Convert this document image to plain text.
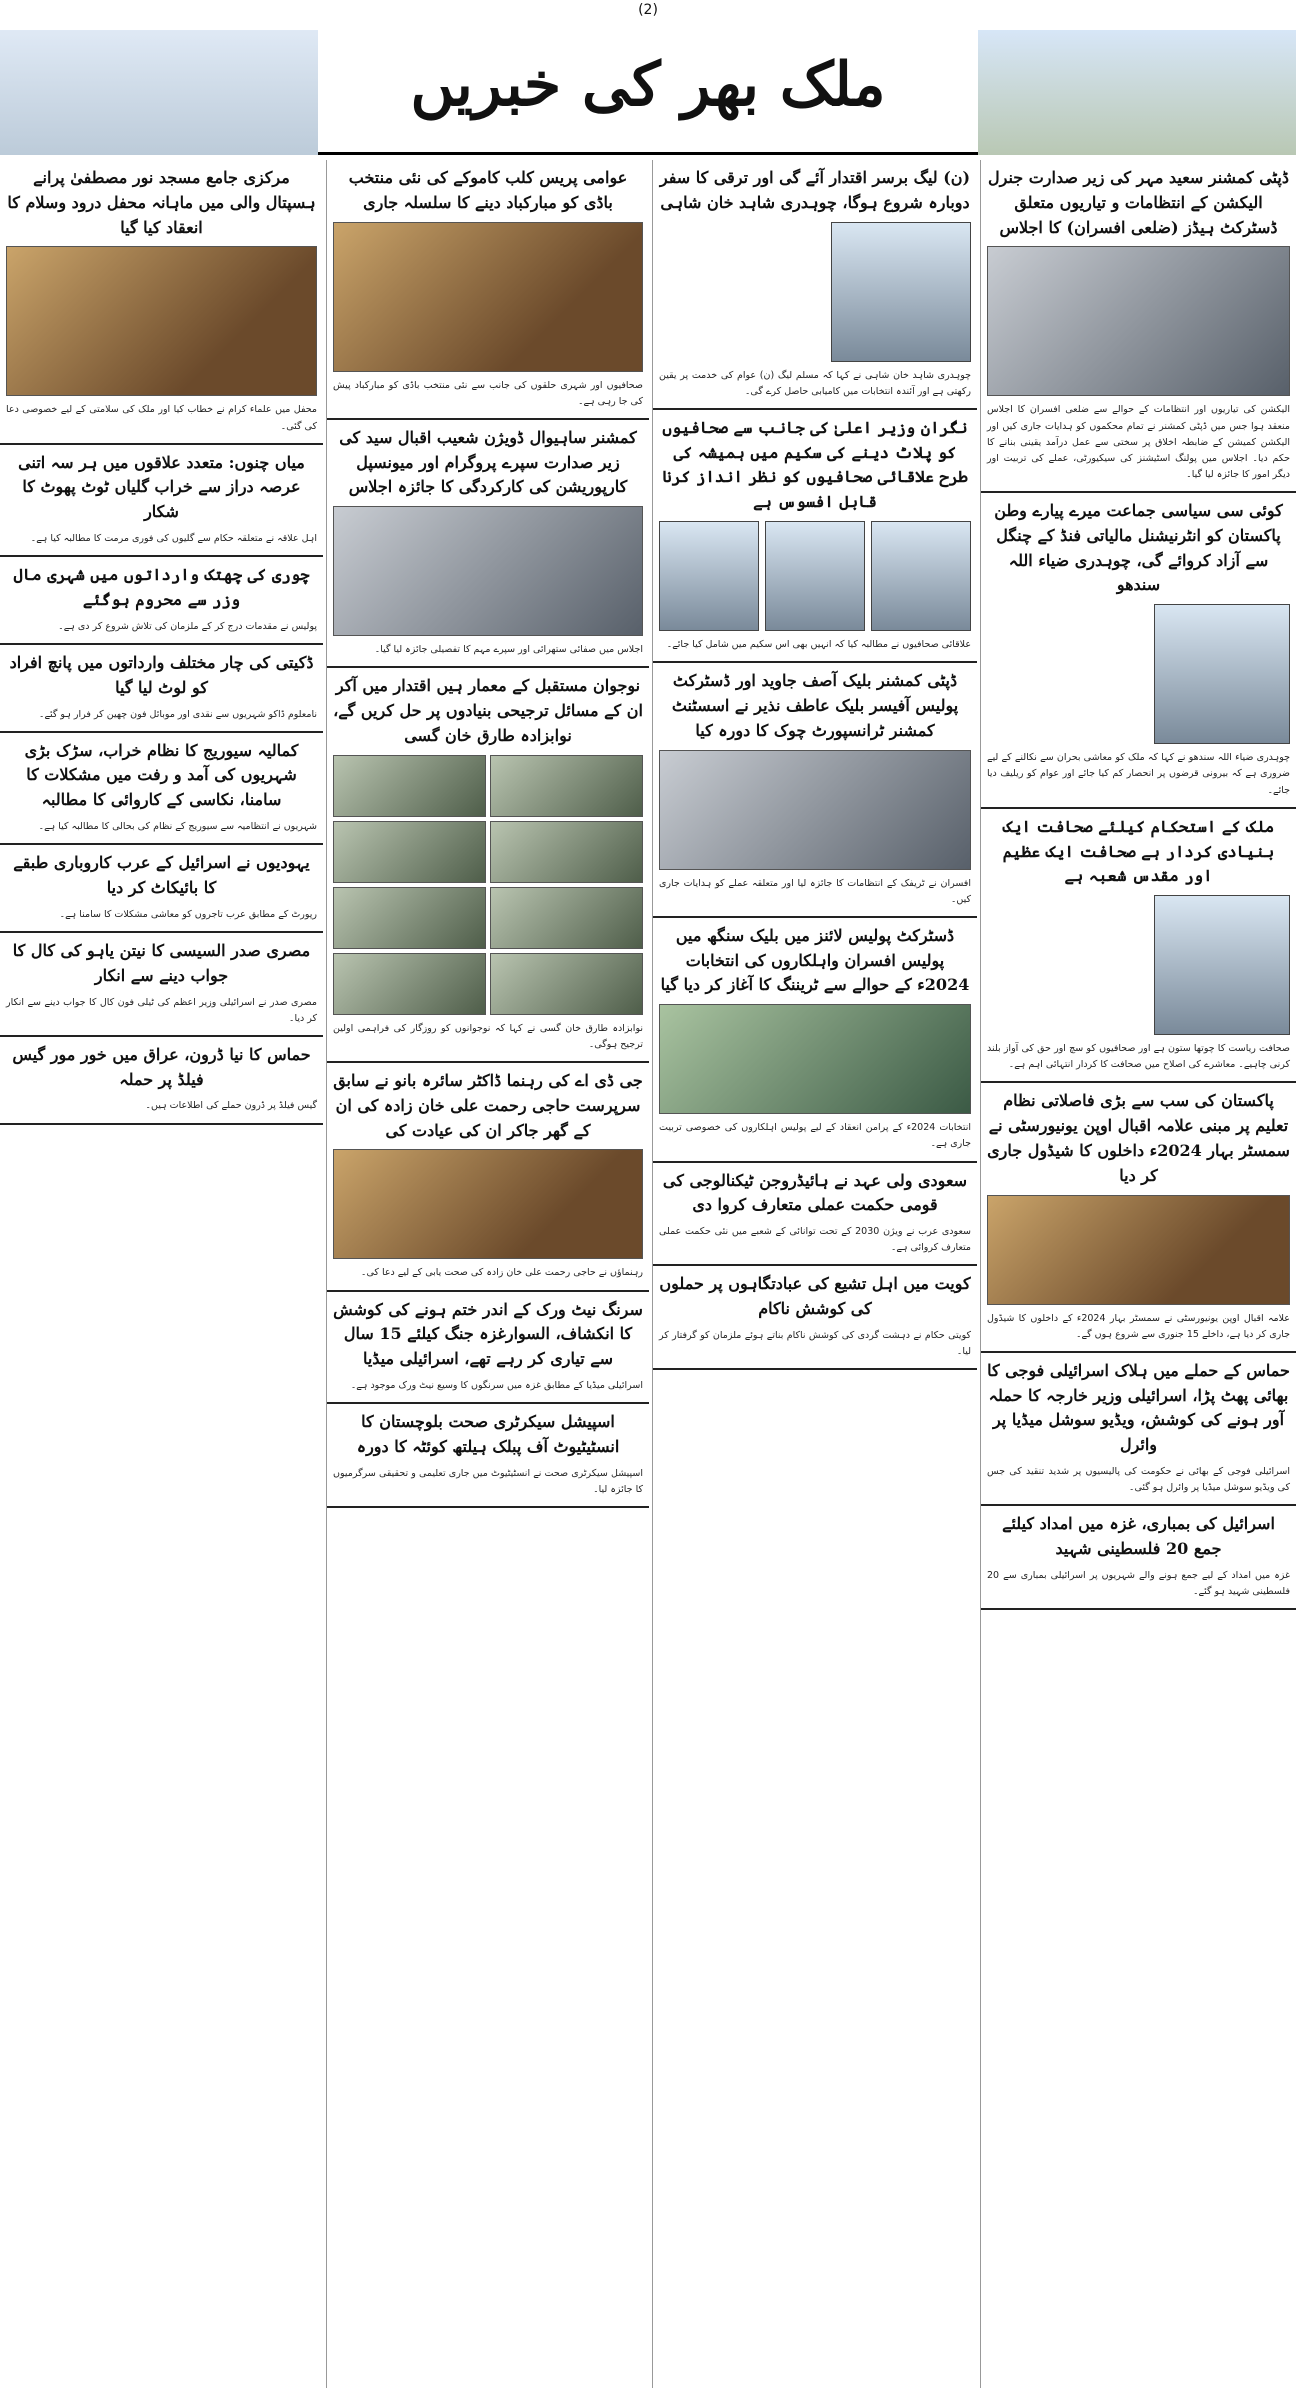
(2)
ملک بھر کی خبریں
ڈپٹی کمشنر سعید مہر کی زیر صدارت جنرل الیکشن کے انتظامات و تیاریوں متعلق ڈسٹرکٹ ہیڈز (ضلعی افسران) کا اجلاس
الیکشن کی تیاریوں اور انتظامات کے حوالے سے ضلعی افسران کا اجلاس منعقد ہوا جس میں ڈپٹی کمشنر نے تمام محکموں کو ہدایات جاری کیں اور الیکشن کمیشن کے ضابطہ اخلاق پر سختی سے عمل درآمد یقینی بنانے کا حکم دیا۔ اجلاس میں پولنگ اسٹیشنز کی سیکیورٹی، عملے کی تربیت اور دیگر امور کا جائزہ لیا گیا۔
کوئی سی سیاسی جماعت میرے پیارے وطن پاکستان کو انٹرنیشنل مالیاتی فنڈ کے چنگل سے آزاد کروائے گی، چوہدری ضیاء اللہ سندھو
چوہدری ضیاء اللہ سندھو نے کہا کہ ملک کو معاشی بحران سے نکالنے کے لیے ضروری ہے کہ بیرونی قرضوں پر انحصار کم کیا جائے اور عوام کو ریلیف دیا جائے۔
ملک کے استحکام کیلئے صحافت ایک بنیادی کردار ہے صحافت ایک عظیم اور مقدس شعبہ ہے
صحافت ریاست کا چوتھا ستون ہے اور صحافیوں کو سچ اور حق کی آواز بلند کرنی چاہیے۔ معاشرے کی اصلاح میں صحافت کا کردار انتہائی اہم ہے۔
پاکستان کی سب سے بڑی فاصلاتی نظام تعلیم پر مبنی علامہ اقبال اوپن یونیورسٹی نے سمسٹر بہار 2024ء داخلوں کا شیڈول جاری کر دیا
علامہ اقبال اوپن یونیورسٹی نے سمسٹر بہار 2024ء کے داخلوں کا شیڈول جاری کر دیا ہے، داخلے 15 جنوری سے شروع ہوں گے۔
حماس کے حملے میں ہلاک اسرائیلی فوجی کا بھائی پھٹ پڑا، اسرائیلی وزیر خارجہ کا حملہ آور ہونے کی کوشش، ویڈیو سوشل میڈیا پر وائرل
اسرائیلی فوجی کے بھائی نے حکومت کی پالیسیوں پر شدید تنقید کی جس کی ویڈیو سوشل میڈیا پر وائرل ہو گئی۔
اسرائیل کی بمباری، غزہ میں امداد کیلئے جمع 20 فلسطینی شہید
غزہ میں امداد کے لیے جمع ہونے والے شہریوں پر اسرائیلی بمباری سے 20 فلسطینی شہید ہو گئے۔
(ن) لیگ برسر اقتدار آئے گی اور ترقی کا سفر دوبارہ شروع ہوگا، چوہدری شاہد خان شاہی
چوہدری شاہد خان شاہی نے کہا کہ مسلم لیگ (ن) عوام کی خدمت پر یقین رکھتی ہے اور آئندہ انتخابات میں کامیابی حاصل کرے گی۔
نگران وزیر اعلیٰ کی جانب سے صحافیوں کو پلاٹ دینے کی سکیم میں ہمیشہ کی طرح علاقائی صحافیوں کو نظر انداز کرنا قابل افسوس ہے
علاقائی صحافیوں نے مطالبہ کیا کہ انہیں بھی اس سکیم میں شامل کیا جائے۔
ڈپٹی کمشنر بلیک آصف جاوید اور ڈسٹرکٹ پولیس آفیسر بلیک عاطف نذیر نے اسسٹنٹ کمشنر ٹرانسپورٹ چوک کا دورہ کیا
افسران نے ٹریفک کے انتظامات کا جائزہ لیا اور متعلقہ عملے کو ہدایات جاری کیں۔
ڈسٹرکٹ پولیس لائنز میں بلیک سنگھ میں پولیس افسران واہلکاروں کی انتخابات 2024ء کے حوالے سے ٹریننگ کا آغاز کر دیا گیا
انتخابات 2024ء کے پرامن انعقاد کے لیے پولیس اہلکاروں کی خصوصی تربیت جاری ہے۔
سعودی ولی عہد نے ہائیڈروجن ٹیکنالوجی کی قومی حکمت عملی متعارف کروا دی
سعودی عرب نے ویژن 2030 کے تحت توانائی کے شعبے میں نئی حکمت عملی متعارف کروائی ہے۔
کویت میں اہل تشیع کی عبادتگاہوں پر حملوں کی کوشش ناکام
کویتی حکام نے دہشت گردی کی کوشش ناکام بناتے ہوئے ملزمان کو گرفتار کر لیا۔
عوامی پریس کلب کاموکے کی نئی منتخب باڈی کو مبارکباد دینے کا سلسلہ جاری
صحافیوں اور شہری حلقوں کی جانب سے نئی منتخب باڈی کو مبارکباد پیش کی جا رہی ہے۔
کمشنر ساہیوال ڈویژن شعیب اقبال سید کی زیر صدارت سپرے پروگرام اور میونسپل کارپوریشن کی کارکردگی کا جائزہ اجلاس
اجلاس میں صفائی ستھرائی اور سپرے مہم کا تفصیلی جائزہ لیا گیا۔
نوجوان مستقبل کے معمار ہیں اقتدار میں آکر ان کے مسائل ترجیحی بنیادوں پر حل کریں گے، نوابزادہ طارق خان گسی
نوابزادہ طارق خان گسی نے کہا کہ نوجوانوں کو روزگار کی فراہمی اولین ترجیح ہوگی۔
جی ڈی اے کی رہنما ڈاکٹر سائرہ بانو نے سابق سرپرست حاجی رحمت علی خان زادہ کی ان کے گھر جاکر ان کی عیادت کی
رہنماؤں نے حاجی رحمت علی خان زادہ کی صحت یابی کے لیے دعا کی۔
سرنگ نیٹ ورک کے اندر ختم ہونے کی کوشش کا انکشاف، السوارغزہ جنگ کیلئے 15 سال سے تیاری کر رہے تھے، اسرائیلی میڈیا
اسرائیلی میڈیا کے مطابق غزہ میں سرنگوں کا وسیع نیٹ ورک موجود ہے۔
اسپیشل سیکرٹری صحت بلوچستان کا انسٹیٹیوٹ آف پبلک ہیلتھ کوئٹہ کا دورہ
اسپیشل سیکرٹری صحت نے انسٹیٹیوٹ میں جاری تعلیمی و تحقیقی سرگرمیوں کا جائزہ لیا۔
مرکزی جامع مسجد نور مصطفیٰ پرانے ہسپتال والی میں ماہانہ محفل درود وسلام کا انعقاد کیا گیا
محفل میں علماء کرام نے خطاب کیا اور ملک کی سلامتی کے لیے خصوصی دعا کی گئی۔
میاں چنوں: متعدد علاقوں میں ہر سہ اتنی عرصہ دراز سے خراب گلیاں ٹوٹ پھوٹ کا شکار
اہل علاقہ نے متعلقہ حکام سے گلیوں کی فوری مرمت کا مطالبہ کیا ہے۔
چوری کی چھتک وارداتوں میں شہری مال وزر سے محروم ہوگئے
پولیس نے مقدمات درج کر کے ملزمان کی تلاش شروع کر دی ہے۔
ڈکیتی کی چار مختلف وارداتوں میں پانچ افراد کو لوٹ لیا گیا
نامعلوم ڈاکو شہریوں سے نقدی اور موبائل فون چھین کر فرار ہو گئے۔
کمالیہ سیوریج کا نظام خراب، سڑک بڑی شہریوں کی آمد و رفت میں مشکلات کا سامنا، نکاسی کے کاروائی کا مطالبہ
شہریوں نے انتظامیہ سے سیوریج کے نظام کی بحالی کا مطالبہ کیا ہے۔
یہودیوں نے اسرائیل کے عرب کاروباری طبقے کا بائیکاٹ کر دیا
رپورٹ کے مطابق عرب تاجروں کو معاشی مشکلات کا سامنا ہے۔
مصری صدر السیسی کا نیتن یاہو کی کال کا جواب دینے سے انکار
مصری صدر نے اسرائیلی وزیر اعظم کی ٹیلی فون کال کا جواب دینے سے انکار کر دیا۔
حماس کا نیا ڈرون، عراق میں خور مور گیس فیلڈ پر حملہ
گیس فیلڈ پر ڈرون حملے کی اطلاعات ہیں۔
